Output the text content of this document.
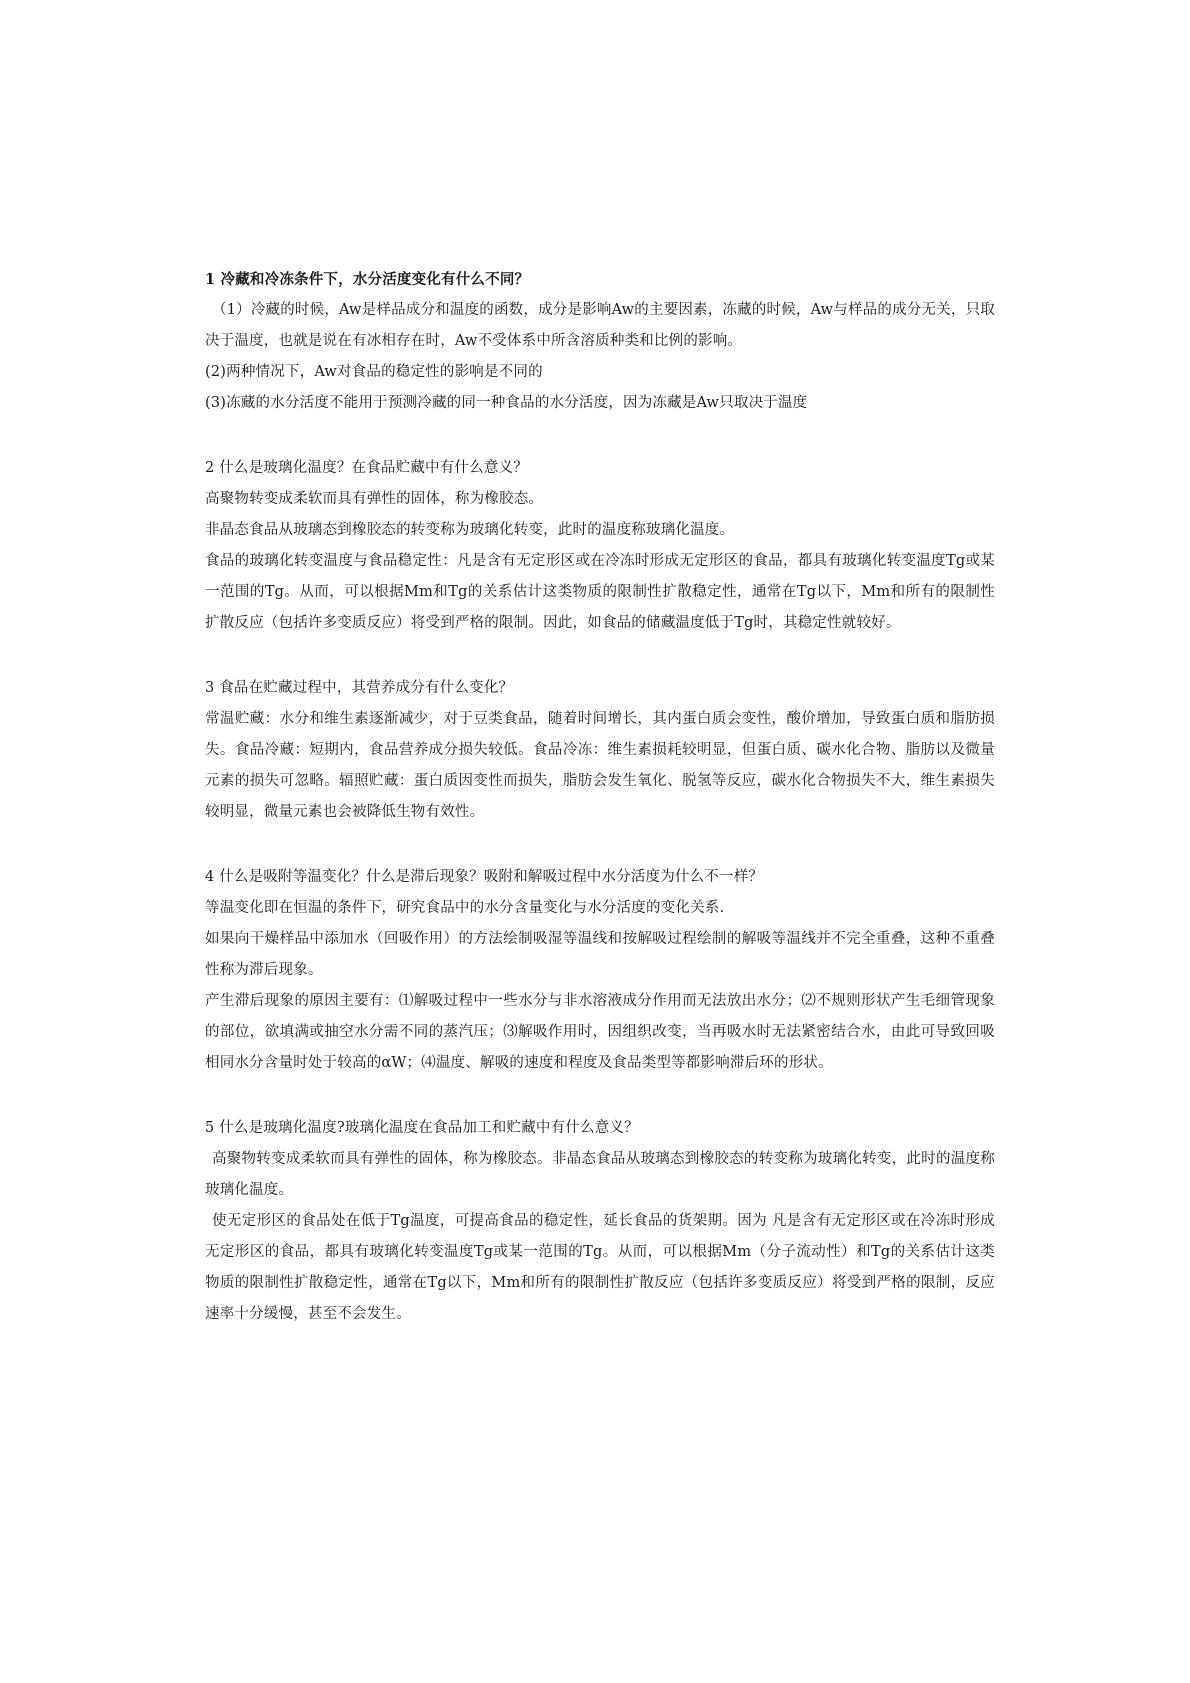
1 冷藏和冷冻条件下，水分活度变化有什么不同？

（1）冷藏的时候，Aw是样品成分和温度的函数，成分是影响Aw的主要因素，冻藏的时候，Aw与样品的成分无关，只取决于温度，也就是说在有冰相存在时，Aw不受体系中所含溶质种类和比例的影响。

(2)两种情况下，Aw对食品的稳定性的影响是不同的

(3)冻藏的水分活度不能用于预测冷藏的同一种食品的水分活度，因为冻藏是Aw只取决于温度

2 什么是玻璃化温度？在食品贮藏中有什么意义？

高聚物转变成柔软而具有弹性的固体，称为橡胶态。

非晶态食品从玻璃态到橡胶态的转变称为玻璃化转变，此时的温度称玻璃化温度。

食品的玻璃化转变温度与食品稳定性：凡是含有无定形区或在冷冻时形成无定形区的食品，都具有玻璃化转变温度Tg或某一范围的Tg。从而，可以根据Mm和Tg的关系估计这类物质的限制性扩散稳定性，通常在Tg以下，Mm和所有的限制性扩散反应（包括许多变质反应）将受到严格的限制。因此，如食品的储藏温度低于Tg时，其稳定性就较好。

3 食品在贮藏过程中，其营养成分有什么变化？

常温贮藏：水分和维生素逐渐减少，对于豆类食品，随着时间增长，其内蛋白质会变性，酸价增加，导致蛋白质和脂肪损失。食品冷藏：短期内，食品营养成分损失较低。食品冷冻：维生素损耗较明显，但蛋白质、碳水化合物、脂肪以及微量元素的损失可忽略。辐照贮藏：蛋白质因变性而损失，脂肪会发生氧化、脱氢等反应，碳水化合物损失不大，维生素损失较明显，微量元素也会被降低生物有效性。

4 什么是吸附等温变化？什么是滞后现象？吸附和解吸过程中水分活度为什么不一样？

等温变化即在恒温的条件下，研究食品中的水分含量变化与水分活度的变化关系.

如果向干燥样品中添加水（回吸作用）的方法绘制吸湿等温线和按解吸过程绘制的解吸等温线并不完全重叠，这种不重叠性称为滞后现象。

产生滞后现象的原因主要有：⑴解吸过程中一些水分与非水溶液成分作用而无法放出水分；⑵不规则形状产生毛细管现象的部位，欲填满或抽空水分需不同的蒸汽压；⑶解吸作用时，因组织改变，当再吸水时无法紧密结合水，由此可导致回吸相同水分含量时处于较高的αW；⑷温度、解吸的速度和程度及食品类型等都影响滞后环的形状。

5 什么是玻璃化温度?玻璃化温度在食品加工和贮藏中有什么意义？

高聚物转变成柔软而具有弹性的固体，称为橡胶态。非晶态食品从玻璃态到橡胶态的转变称为玻璃化转变，此时的温度称玻璃化温度。

使无定形区的食品处在低于Tg温度，可提高食品的稳定性，延长食品的货架期。因为 凡是含有无定形区或在冷冻时形成无定形区的食品，都具有玻璃化转变温度Tg或某一范围的Tg。从而，可以根据Mm（分子流动性）和Tg的关系估计这类物质的限制性扩散稳定性，通常在Tg以下，Mm和所有的限制性扩散反应（包括许多变质反应）将受到严格的限制，反应速率十分缓慢，甚至不会发生。
